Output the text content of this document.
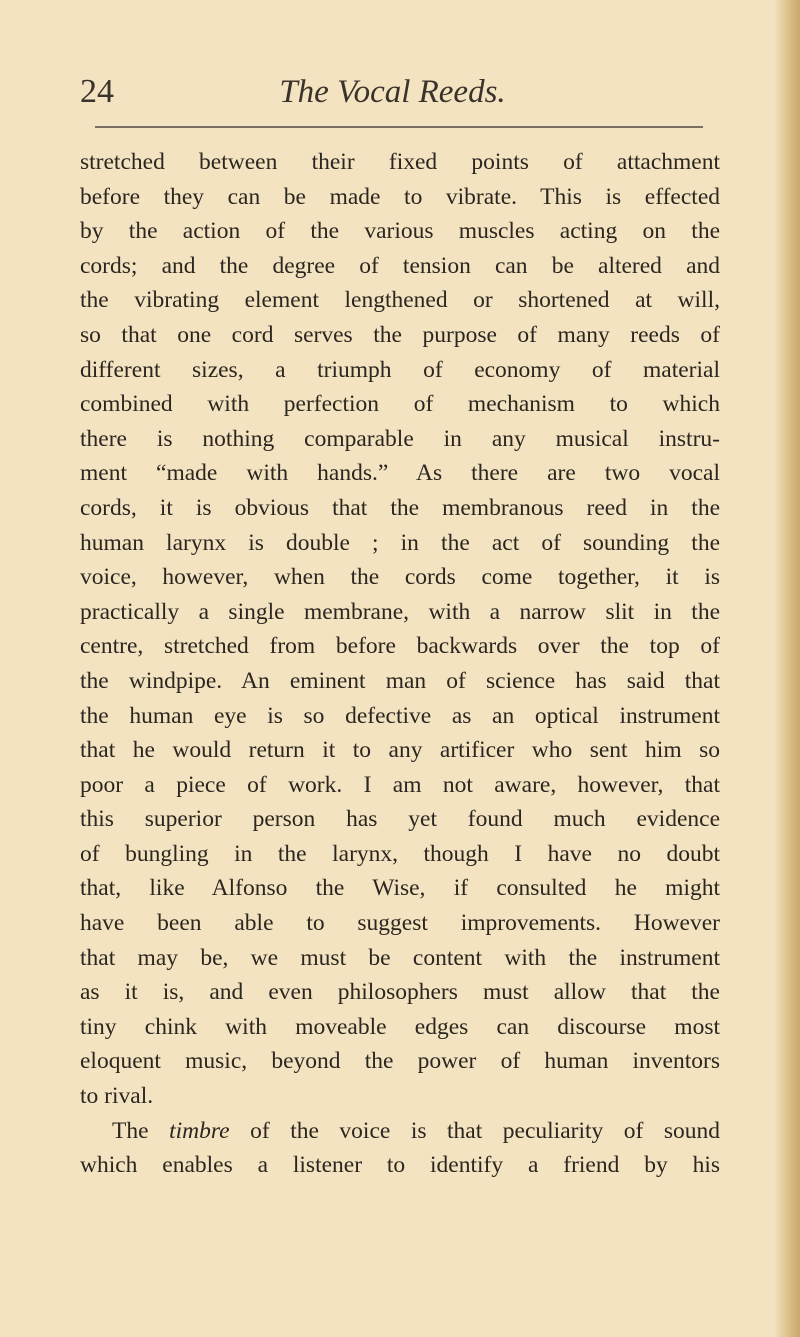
24	The Vocal Reeds.
stretched between their fixed points of attachment
before they can be made to vibrate. This is effected
by the action of the various muscles acting on the
cords; and the degree of tension can be altered and
the vibrating element lengthened or shortened at will,
so that one cord serves the purpose of many reeds of
different sizes, a triumph of economy of material
combined with perfection of mechanism to which
there is nothing comparable in any musical instru-
ment “made with hands.” As there are two vocal
cords, it is obvious that the membranous reed in the
human larynx is double ; in the act of sounding the
voice, however, when the cords come together, it is
practically a single membrane, with a narrow slit in the
centre, stretched from before backwards over the top of
the windpipe. An eminent man of science has said that
the human eye is so defective as an optical instrument
that he would return it to any artificer who sent him so
poor a piece of work. I am not aware, however, that
this superior person has yet found much evidence
of bungling in the larynx, though I have no doubt
that, like Alfonso the Wise, if consulted he might
have been able to suggest improvements. However
that may be, we must be content with the instrument
as it is, and even philosophers must allow that the
tiny chink with moveable edges can discourse most
eloquent music, beyond the power of human inventors
to rival.
The timbre of the voice is that peculiarity of sound
which enables a listener to identify a friend by his
